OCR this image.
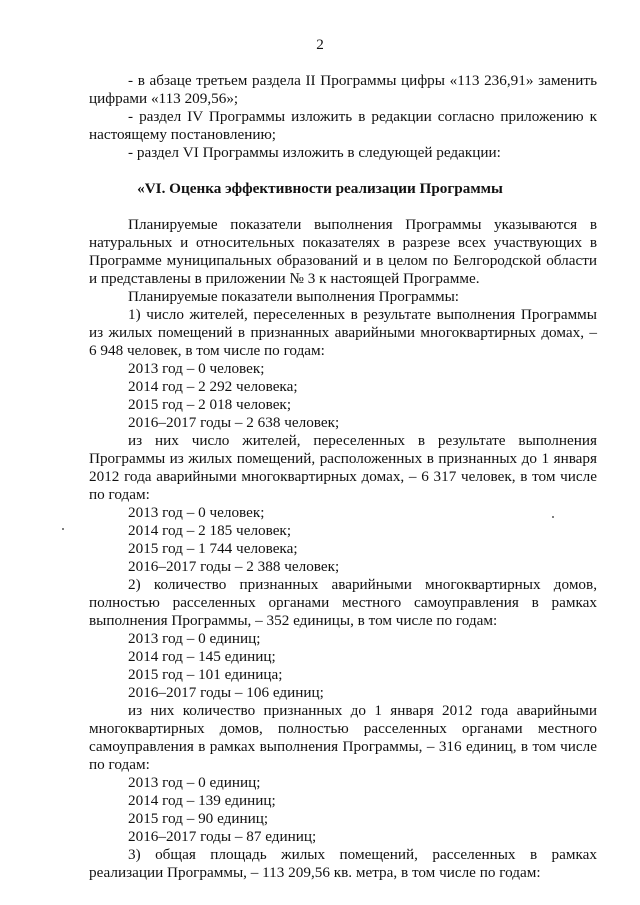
2
- в абзаце третьем раздела II Программы цифры «113 236,91» заменить
цифрами «113 209,56»;
- раздел IV Программы изложить в редакции согласно приложению к
настоящему постановлению;
- раздел VI Программы изложить в следующей редакции:
«VI. Оценка эффективности реализации Программы
Планируемые показатели выполнения Программы указываются в
натуральных и относительных показателях в разрезе всех участвующих в
Программе муниципальных образований и в целом по Белгородской области
и представлены в приложении № 3 к настоящей Программе.
Планируемые показатели выполнения Программы:
1) число жителей, переселенных в результате выполнения Программы
из жилых помещений в признанных аварийными многоквартирных домах, –
6 948 человек, в том числе по годам:
2013 год – 0 человек;
2014 год – 2 292 человека;
2015 год – 2 018 человек;
2016–2017 годы – 2 638 человек;
из них число жителей, переселенных в результате выполнения
Программы из жилых помещений, расположенных в признанных до 1 января
2012 года аварийными многоквартирных домах, – 6 317 человек, в том числе
по годам:
2013 год – 0 человек;
2014 год – 2 185 человек;
2015 год – 1 744 человека;
2016–2017 годы – 2 388 человек;
2) количество признанных аварийными многоквартирных домов,
полностью расселенных органами местного самоуправления в рамках
выполнения Программы, – 352 единицы, в том числе по годам:
2013 год – 0 единиц;
2014 год – 145 единиц;
2015 год – 101 единица;
2016–2017 годы – 106 единиц;
из них количество признанных до 1 января 2012 года аварийными
многоквартирных домов, полностью расселенных органами местного
самоуправления в рамках выполнения Программы, – 316 единиц, в том числе
по годам:
2013 год – 0 единиц;
2014 год – 139 единиц;
2015 год – 90 единиц;
2016–2017 годы – 87 единиц;
3) общая площадь жилых помещений, расселенных в рамках
реализации Программы, – 113 209,56 кв. метра, в том числе по годам:
